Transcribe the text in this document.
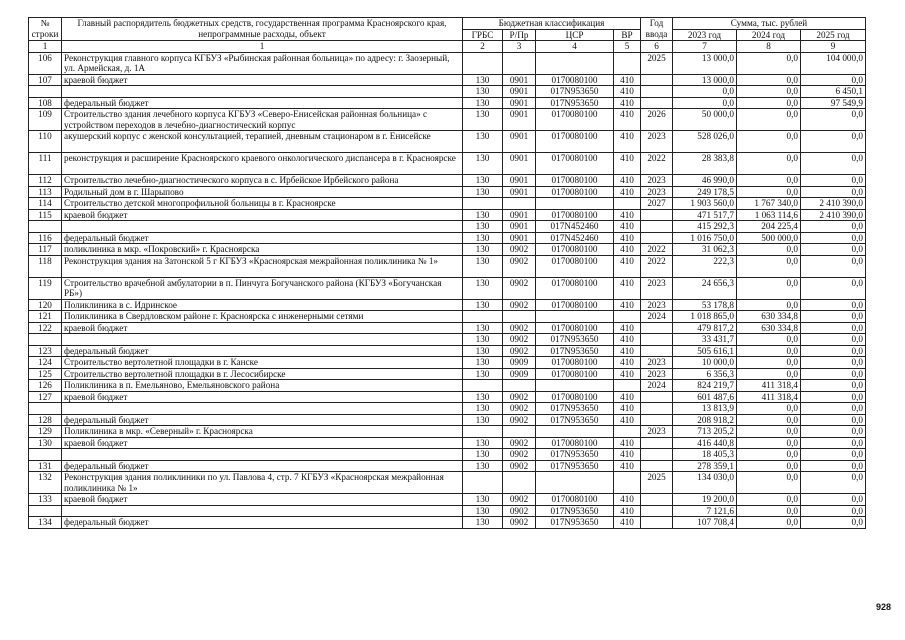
№ строки	Главный распорядитель бюджетных средств, государственная программа Красноярского края, непрограммные расходы, объект	Бюджетная классификация				Год ввода	Сумма, тыс. рублей		
		ГРБС	Р/Пр	ЦСР	ВР		2023 год	2024 год	2025 год
1	1	2	3	4	5	6	7	8	9
106	Реконструкция главного корпуса КГБУЗ «Рыбинская районная больница» по адресу: г. Заозерный, ул. Армейская, д. 1А					2025	13 000,0	0,0	104 000,0
107	краевой бюджет	130	0901	0170080100	410		13 000,0	0,0	0,0
		130	0901	017N953650	410		0,0	0,0	6 450,1
108	федеральный бюджет	130	0901	017N953650	410		0,0	0,0	97 549,9
109	Строительство здания лечебного корпуса КГБУЗ «Северо-Енисейская районная больница» с устройством переходов в лечебно-диагностический корпус	130	0901	0170080100	410	2026	50 000,0	0,0	0,0
110	акушерский корпус с женской консультацией, терапией, дневным стационаром в г. Енисейске	130	0901	0170080100	410	2023	528 026,0	0,0	0,0
111	реконструкция и расширение Красноярского краевого онкологического диспансера в г. Красноярске	130	0901	0170080100	410	2022	28 383,8	0,0	0,0
112	Строительство лечебно-диагностического корпуса в с. Ирбейское Ирбейского района	130	0901	0170080100	410	2023	46 990,0	0,0	0,0
113	Родильный дом в г. Шарыпово	130	0901	0170080100	410	2023	249 178,5	0,0	0,0
114	Строительство детской многопрофильной больницы в г. Красноярске					2027	1 903 560,0	1 767 340,0	2 410 390,0
115	краевой бюджет	130	0901	0170080100	410		471 517,7	1 063 114,6	2 410 390,0
		130	0901	017N452460	410		415 292,3	204 225,4	0,0
116	федеральный бюджет	130	0901	017N452460	410		1 016 750,0	500 000,0	0,0
117	поликлиника в мкр. «Покровский» г. Красноярска	130	0902	0170080100	410	2022	31 062,3	0,0	0,0
118	Реконструкция здания на Затонской 5 г КГБУЗ «Красноярская межрайонная поликлиника № 1»	130	0902	0170080100	410	2022	222,3	0,0	0,0
119	Строительство врачебной амбулатории в п. Пинчуга Богучанского района (КГБУЗ «Богучанская РБ»)	130	0902	0170080100	410	2023	24 656,3	0,0	0,0
120	Поликлиника в с. Идринское	130	0902	0170080100	410	2023	53 178,8	0,0	0,0
121	Поликлиника в Свердловском районе г. Красноярска с инженерными сетями					2024	1 018 865,0	630 334,8	0,0
122	краевой бюджет	130	0902	0170080100	410		479 817,2	630 334,8	0,0
		130	0902	017N953650	410		33 431,7	0,0	0,0
123	федеральный бюджет	130	0902	017N953650	410		505 616,1	0,0	0,0
124	Строительство вертолетной площадки в г. Канске	130	0909	0170080100	410	2023	10 000,0	0,0	0,0
125	Строительство вертолетной площадки в г. Лесосибирске	130	0909	0170080100	410	2023	6 356,3	0,0	0,0
126	Поликлиника в п. Емельяново, Емельяновского района					2024	824 219,7	411 318,4	0,0
127	краевой бюджет	130	0902	0170080100	410		601 487,6	411 318,4	0,0
		130	0902	017N953650	410		13 813,9	0,0	0,0
128	федеральный бюджет	130	0902	017N953650	410		208 918,2	0,0	0,0
129	Поликлиника в мкр. «Северный» г. Красноярска					2023	713 205,2	0,0	0,0
130	краевой бюджет	130	0902	0170080100	410		416 440,8	0,0	0,0
		130	0902	017N953650	410		18 405,3	0,0	0,0
131	федеральный бюджет	130	0902	017N953650	410		278 359,1	0,0	0,0
132	Реконструкция здания поликлиники по ул. Павлова 4, стр. 7 КГБУЗ «Красноярская межрайонная поликлиника № 1»					2025	134 030,0	0,0	0,0
133	краевой бюджет	130	0902	0170080100	410		19 200,0	0,0	0,0
		130	0902	017N953650	410		7 121,6	0,0	0,0
134	федеральный бюджет	130	0902	017N953650	410		107 708,4	0,0	0,0
928
